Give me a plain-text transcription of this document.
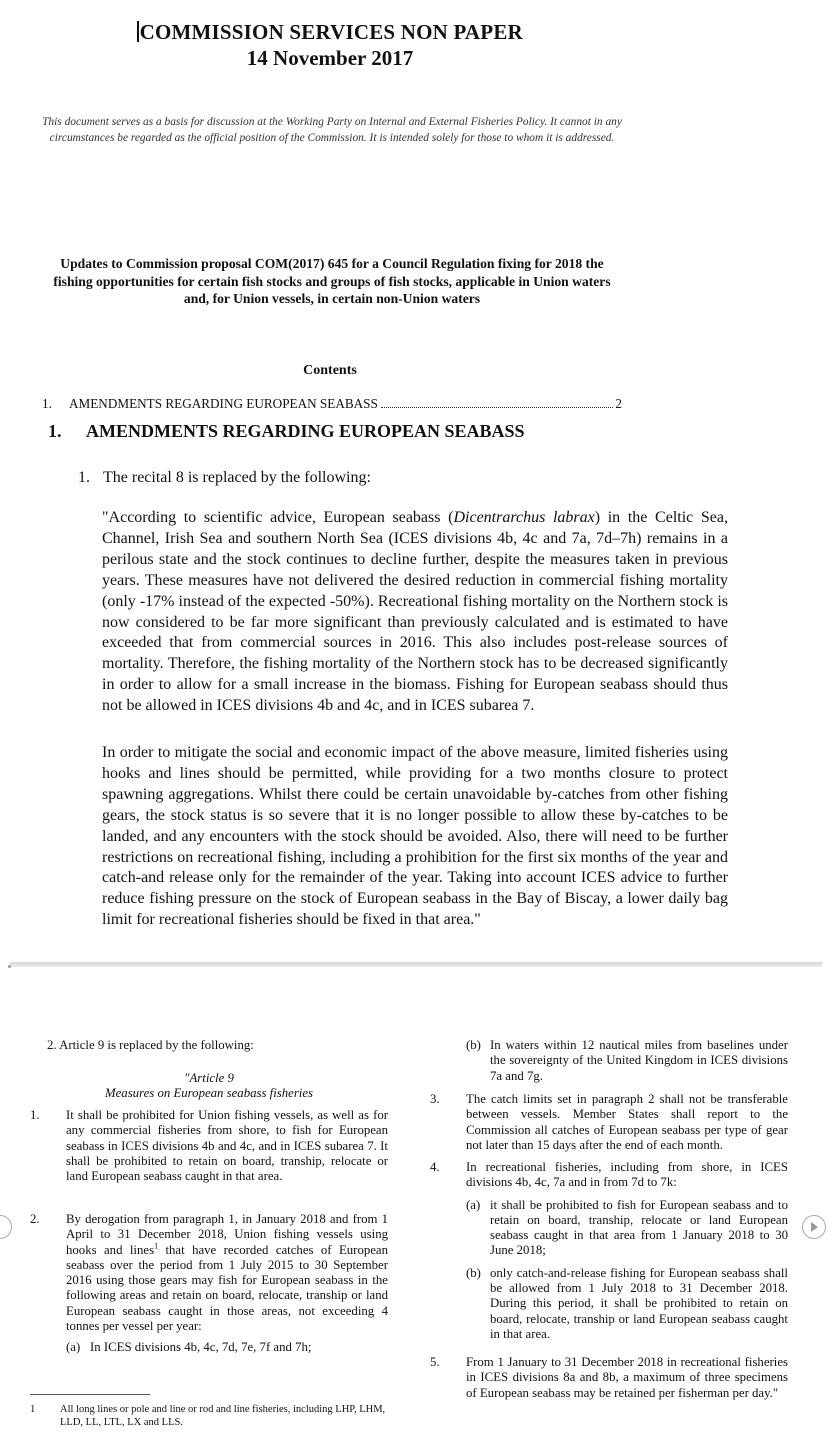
COMMISSION SERVICES NON PAPER
14 November 2017
This document serves as a basis for discussion at the Working Party on Internal and External Fisheries Policy. It cannot in any circumstances be regarded as the official position of the Commission. It is intended solely for those to whom it is addressed.
Updates to Commission proposal COM(2017) 645 for a Council Regulation fixing for 2018 the fishing opportunities for certain fish stocks and groups of fish stocks, applicable in Union waters and, for Union vessels, in certain non-Union waters
Contents
1.	AMENDMENTS REGARDING EUROPEAN SEABASS	2
1. AMENDMENTS REGARDING EUROPEAN SEABASS
1. The recital 8 is replaced by the following:
"According to scientific advice, European seabass (Dicentrarchus labrax) in the Celtic Sea, Channel, Irish Sea and southern North Sea (ICES divisions 4b, 4c and 7a, 7d–7h) remains in a perilous state and the stock continues to decline further, despite the measures taken in previous years. These measures have not delivered the desired reduction in commercial fishing mortality (only -17% instead of the expected -50%). Recreational fishing mortality on the Northern stock is now considered to be far more significant than previously calculated and is estimated to have exceeded that from commercial sources in 2016. This also includes post-release sources of mortality. Therefore, the fishing mortality of the Northern stock has to be decreased significantly in order to allow for a small increase in the biomass. Fishing for European seabass should thus not be allowed in ICES divisions 4b and 4c, and in ICES subarea 7.
In order to mitigate the social and economic impact of the above measure, limited fisheries using hooks and lines should be permitted, while providing for a two months closure to protect spawning aggregations. Whilst there could be certain unavoidable by-catches from other fishing gears, the stock status is so severe that it is no longer possible to allow these by-catches to be landed, and any encounters with the stock should be avoided. Also, there will need to be further restrictions on recreational fishing, including a prohibition for the first six months of the year and catch-and release only for the remainder of the year. Taking into account ICES advice to further reduce fishing pressure on the stock of European seabass in the Bay of Biscay, a lower daily bag limit for recreational fisheries should be fixed in that area."
2. Article 9 is replaced by the following:
"Article 9
Measures on European seabass fisheries
1.	It shall be prohibited for Union fishing vessels, as well as for any commercial fisheries from shore, to fish for European seabass in ICES divisions 4b and 4c, and in ICES subarea 7. It shall be prohibited to retain on board, tranship, relocate or land European seabass caught in that area.
2.	By derogation from paragraph 1, in January 2018 and from 1 April to 31 December 2018, Union fishing vessels using hooks and lines$^1$ that have recorded catches of European seabass over the period from 1 July 2015 to 30 September 2016 using those gears may fish for European seabass in the following areas and retain on board, relocate, tranship or land European seabass caught in those areas, not exceeding 4 tonnes per vessel per year:
(a) In ICES divisions 4b, 4c, 7d, 7e, 7f and 7h;
1	All long lines or pole and line or rod and line fisheries, including LHP, LHM, LLD, LL, LTL, LX and LLS.
(b) In waters within 12 nautical miles from baselines under the sovereignty of the United Kingdom in ICES divisions 7a and 7g.
3.	The catch limits set in paragraph 2 shall not be transferable between vessels. Member States shall report to the Commission all catches of European seabass per type of gear not later than 15 days after the end of each month.
4.	In recreational fisheries, including from shore, in ICES divisions 4b, 4c, 7a and in from 7d to 7k:
(a) it shall be prohibited to fish for European seabass and to retain on board, tranship, relocate or land European seabass caught in that area from 1 January 2018 to 30 June 2018;
(b) only catch-and-release fishing for European seabass shall be allowed from 1 July 2018 to 31 December 2018. During this period, it shall be prohibited to retain on board, relocate, tranship or land European seabass caught in that area.
5.	From 1 January to 31 December 2018 in recreational fisheries in ICES divisions 8a and 8b, a maximum of three specimens of European seabass may be retained per fisherman per day."
